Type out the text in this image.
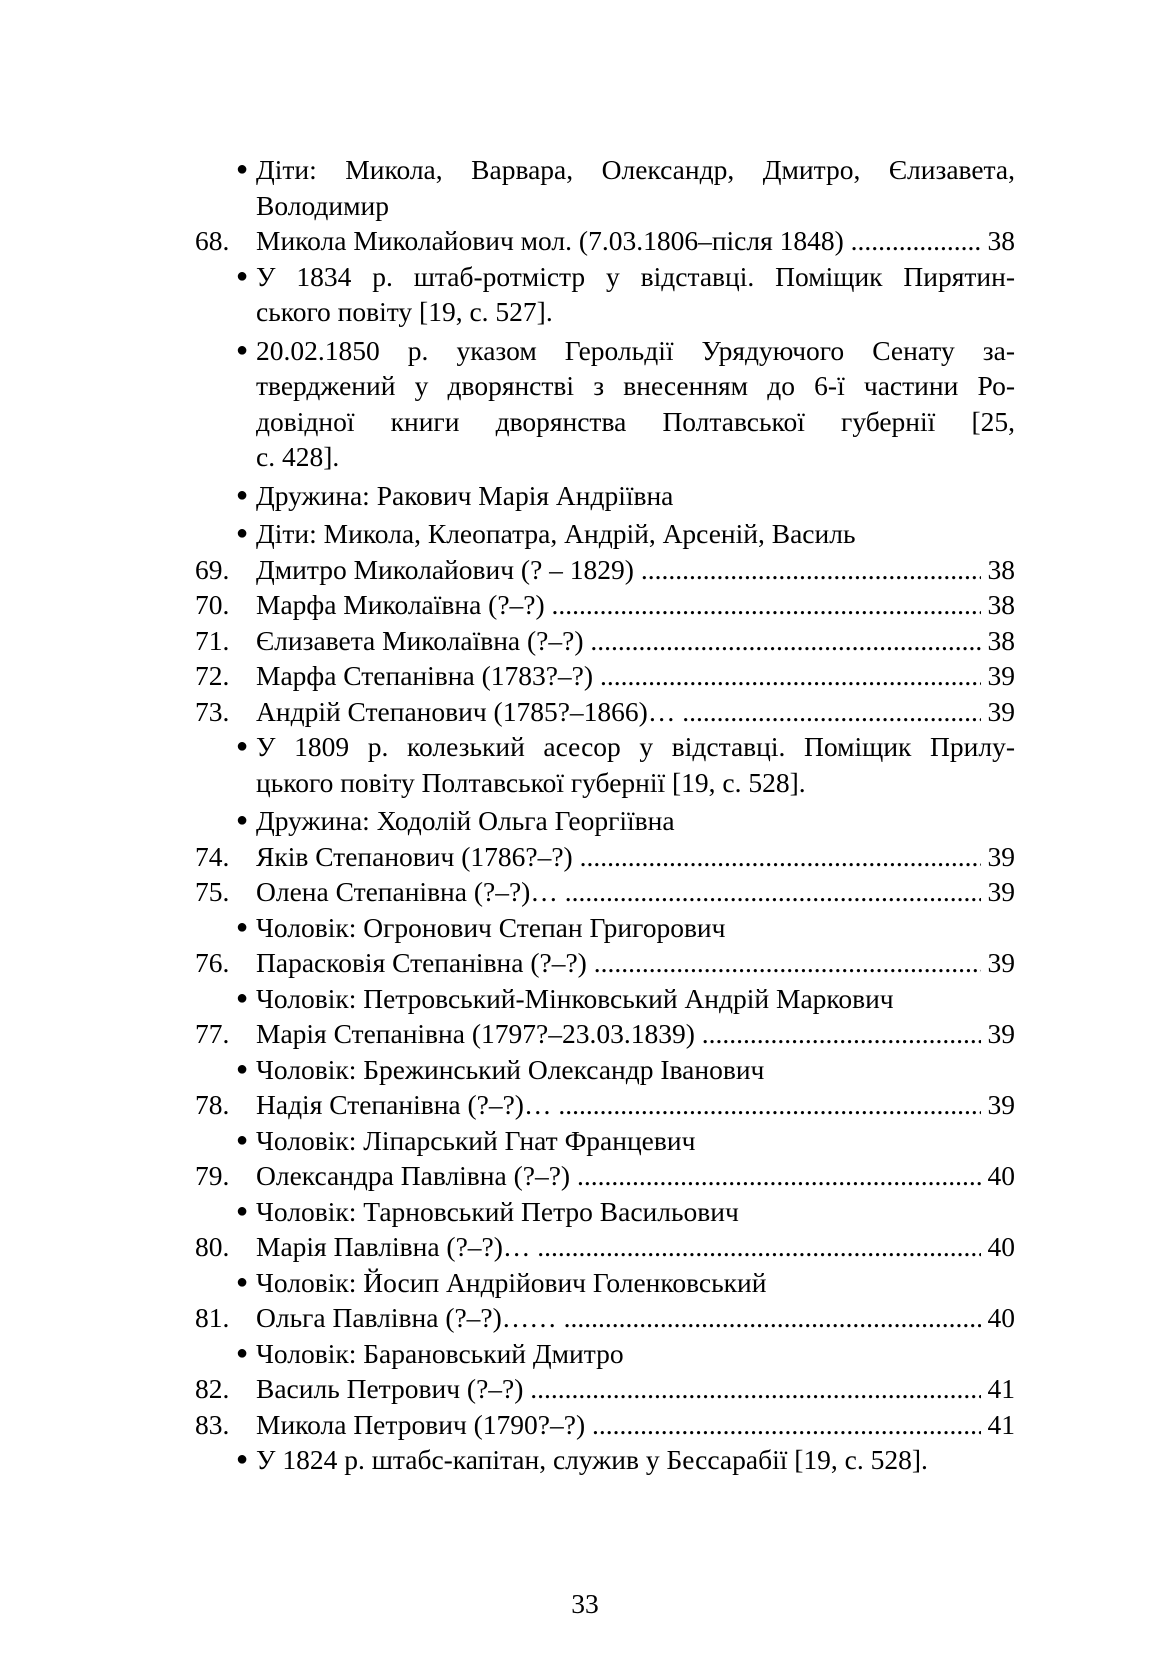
● Діти: Микола, Варвара, Олександр, Дмитро, Єлизавета,
Володимир
68. Микола Миколайович мол. (7.03.1806–після 1848) .....	38
● У 1834 р. штаб-ротмістр у відставці. Поміщик Пирятин-
ського повіту [19, с. 527].
● 20.02.1850 р. указом Герольдії Урядуючого Сенату за-
тверджений у дворянстві з внесенням до 6-ї частини Ро-
довідної книги дворянства Полтавської губернії [25,
с. 428].
● Дружина: Ракович Марія Андріївна
● Діти: Микола, Клеопатра, Андрій, Арсеній, Василь
69. Дмитро Миколайович (? – 1829) .....	38
70. Марфа Миколаївна (?–?) .....	38
71. Єлизавета Миколаївна (?–?) .....	38
72. Марфа Степанівна (1783?–?) .....	39
73. Андрій Степанович (1785?–1866)… .....	39
● У 1809 р. колезький асесор у відставці. Поміщик Прилу-
цького повіту Полтавської губернії [19, с. 528].
● Дружина: Ходолій Ольга Георгіївна
74. Яків Степанович (1786?–?) .....	39
75. Олена Степанівна (?–?)… .....	39
● Чоловік: Огронович Степан Григорович
76. Парасковія Степанівна (?–?) .....	39
● Чоловік: Петровський-Мінковський Андрій Маркович
77. Марія Степанівна (1797?–23.03.1839) .....	39
● Чоловік: Брежинський Олександр Іванович
78. Надія Степанівна (?–?)… .....	39
● Чоловік: Ліпарський Гнат Францевич
79. Олександра Павлівна (?–?) .....	40
● Чоловік: Тарновський Петро Васильович
80. Марія Павлівна (?–?)… .....	40
● Чоловік: Йосип Андрійович Голенковський
81. Ольга Павлівна (?–?)…… .....	40
● Чоловік: Барановський Дмитро
82. Василь Петрович (?–?) .....	41
83. Микола Петрович (1790?–?) .....	41
● У 1824 р. штабс-капітан, служив у Бессарабії [19, с. 528].
33
